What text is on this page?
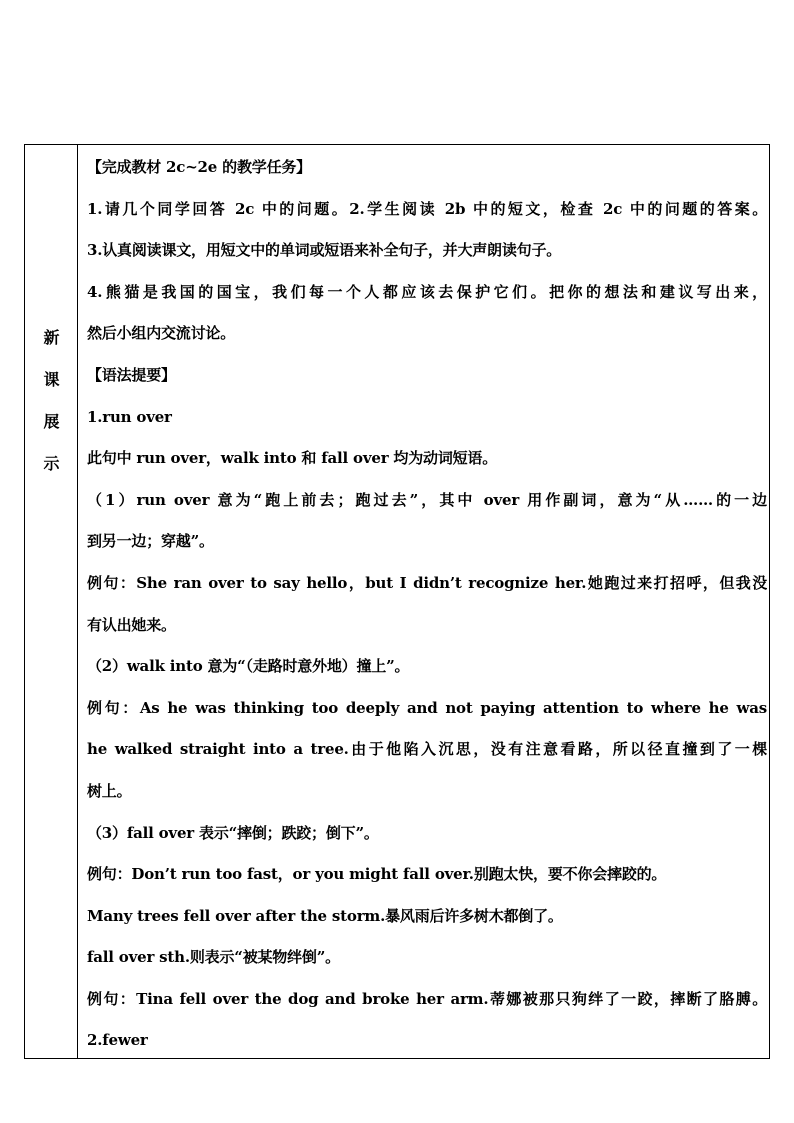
新
课
展
示
【完成教材 2c~2e 的教学任务】
1.请几个同学回答 2c 中的问题。2.学生阅读 2b 中的短文，检查 2c 中的问题的答案。
3.认真阅读课文，用短文中的单词或短语来补全句子，并大声朗读句子。
4.熊猫是我国的国宝，我们每一个人都应该去保护它们。把你的想法和建议写出来，
然后小组内交流讨论。
【语法提要】
1.run over
此句中 run over，walk into 和 fall over 均为动词短语。
（1）run over 意为“跑上前去；跑过去”，其中 over 用作副词，意为“从……的一边
到另一边；穿越”。
例句：She ran over to say hello，but I didn’t recognize her.她跑过来打招呼，但我没
有认出她来。
（2）walk into 意为“（走路时意外地）撞上”。
例句：As he was thinking too deeply and not paying attention to where he was
he walked straight into a tree.由于他陷入沉思，没有注意看路，所以径直撞到了一棵
树上。
（3）fall over 表示“摔倒；跌跤；倒下”。
例句：Don’t run too fast，or you might fall over.别跑太快，要不你会摔跤的。
Many trees fell over after the storm.暴风雨后许多树木都倒了。
fall over sth.则表示“被某物绊倒”。
例句：Tina fell over the dog and broke her arm.蒂娜被那只狗绊了一跤，摔断了胳膊。
2.fewer
